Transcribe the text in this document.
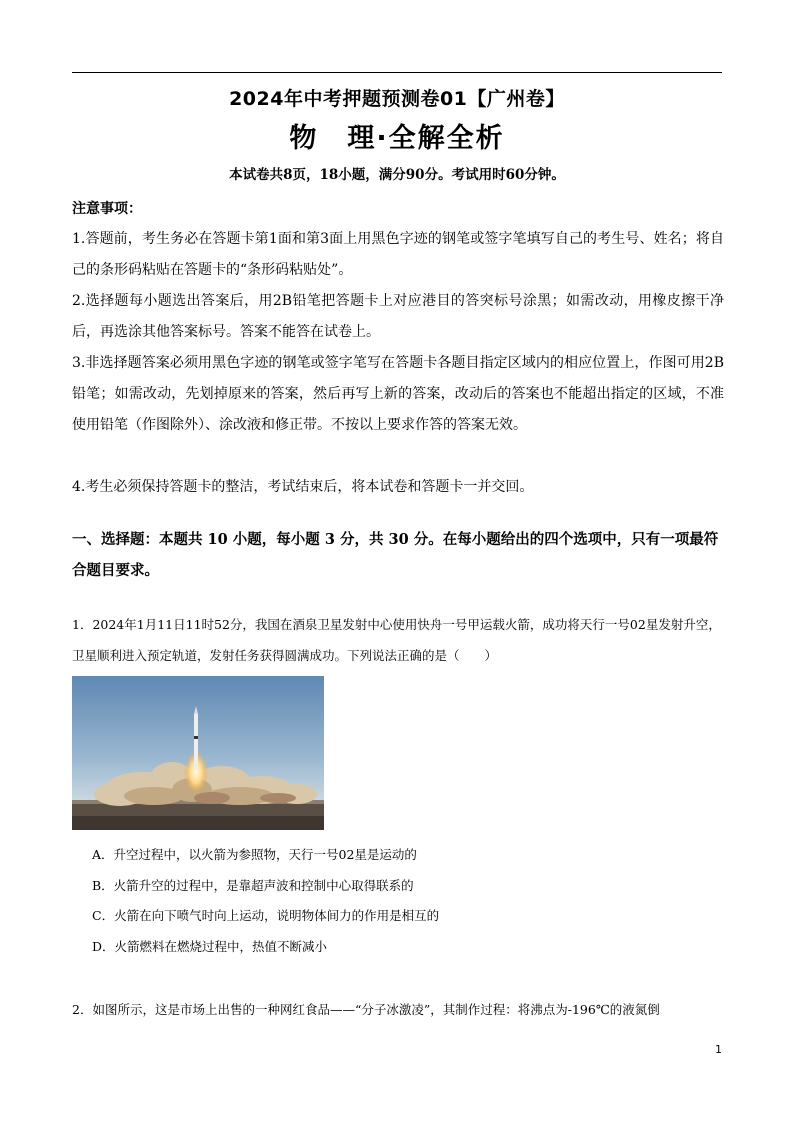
2024年中考押题预测卷01【广州卷】
物　理·全解全析
本试卷共8页，18小题，满分90分。考试用时60分钟。
注意事项：
1.答题前，考生务必在答题卡第1面和第3面上用黑色字迹的钢笔或签字笔填写自己的考生号、姓名；将自己的条形码粘贴在答题卡的“条形码粘贴处”。
2.选择题每小题选出答案后，用2B铅笔把答题卡上对应港目的答突标号涂黑；如需改动，用橡皮擦干净后，再选涂其他答案标号。答案不能答在试卷上。
3.非选择题答案必须用黑色字迹的钢笔或签字笔写在答题卡各题目指定区域内的相应位置上，作图可用2B铅笔；如需改动，先划掉原来的答案，然后再写上新的答案，改动后的答案也不能超出指定的区域，不准使用铅笔（作图除外）、涂改液和修正带。不按以上要求作答的答案无效。
4.考生必须保持答题卡的整洁，考试结束后，将本试卷和答题卡一并交回。
一、选择题：本题共 10 小题，每小题 3 分，共 30 分。在每小题给出的四个选项中，只有一项最符合题目要求。
1．2024年1月11日11时52分，我国在酒泉卫星发射中心使用快舟一号甲运载火箭，成功将天行一号02星发射升空，卫星顺利进入预定轨道，发射任务获得圆满成功。下列说法正确的是（　　）
A．升空过程中，以火箭为参照物，天行一号02星是运动的
B．火箭升空的过程中，是靠超声波和控制中心取得联系的
C．火箭在向下喷气时向上运动，说明物体间力的作用是相互的
D．火箭燃料在燃烧过程中，热值不断减小
2．如图所示，这是市场上出售的一种网红食品——“分子冰激凌”，其制作过程：将沸点为-196℃的液氮倒
1
